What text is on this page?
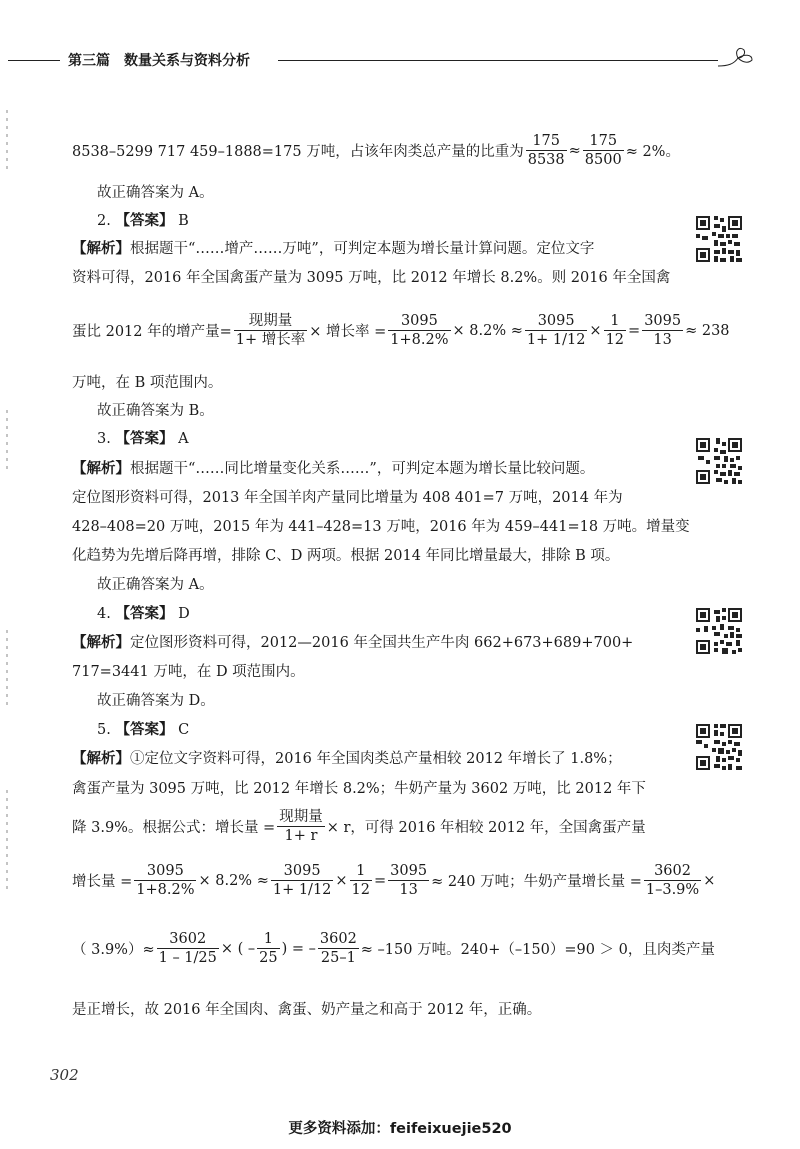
第三篇　数量关系与资料分析
8538–5299 717 459–1888=175 万吨，占该年肉类总产量的比重为 $\frac{175}{8538} \approx \frac{175}{8500} \approx 2\%$。
故正确答案为 A。
2. 【答案】 B
【解析】根据题干“……增产……万吨”，可判定本题为增长量计算问题。定位文字
资料可得，2016 年全国禽蛋产量为 3095 万吨，比 2012 年增长 8.2%。则 2016 年全国禽
蛋比 2012 年的增产量= $\frac{\text{现期量}}{\text{1+ 增长率}}$ × 增长率 = $\frac{3095}{1+8.2\%} \times 8.2\% \approx \frac{3095}{1+ 1/12} \times \frac{1}{12} = \frac{3095}{13} \approx 238$
万吨，在 B 项范围内。
故正确答案为 B。
3. 【答案】 A
【解析】根据题干“……同比增量变化关系……”，可判定本题为增长量比较问题。
定位图形资料可得，2013 年全国羊肉产量同比增量为 408 401=7 万吨，2014 年为
428–408=20 万吨，2015 年为 441–428=13 万吨，2016 年为 459–441=18 万吨。增量变
化趋势为先增后降再增，排除 C、D 两项。根据 2014 年同比增量最大，排除 B 项。
故正确答案为 A。
4. 【答案】 D
【解析】定位图形资料可得，2012—2016 年全国共生产牛肉 662+673+689+700+
717=3441 万吨，在 D 项范围内。
故正确答案为 D。
5. 【答案】 C
【解析】①定位文字资料可得，2016 年全国肉类总产量相较 2012 年增长了 1.8%；
禽蛋产量为 3095 万吨，比 2012 年增长 8.2%；牛奶产量为 3602 万吨，比 2012 年下
降 3.9%。根据公式：增长量 = $\frac{\text{现期量}}{1+ r} \times r$，可得 2016 年相较 2012 年，全国禽蛋产量
增长量 = $\frac{3095}{1+8.2\%} \times 8.2\% \approx \frac{3095}{1+ 1/12} \times \frac{1}{12} = \frac{3095}{13} \approx 240$ 万吨；牛奶产量增长量 = $\frac{3602}{1-3.9\%}$ ×
（ $3.9\%)\approx \frac{3602}{1 - 1/25}$ × ( – $\frac{1}{25}$ ) = – $\frac{3602}{25-1} \approx -150$ 万吨。240+（–150）=90 ＞ 0，且肉类产量
是正增长，故 2016 年全国肉、禽蛋、奶产量之和高于 2012 年，正确。
302
更多资料添加：feifeixuejie520
